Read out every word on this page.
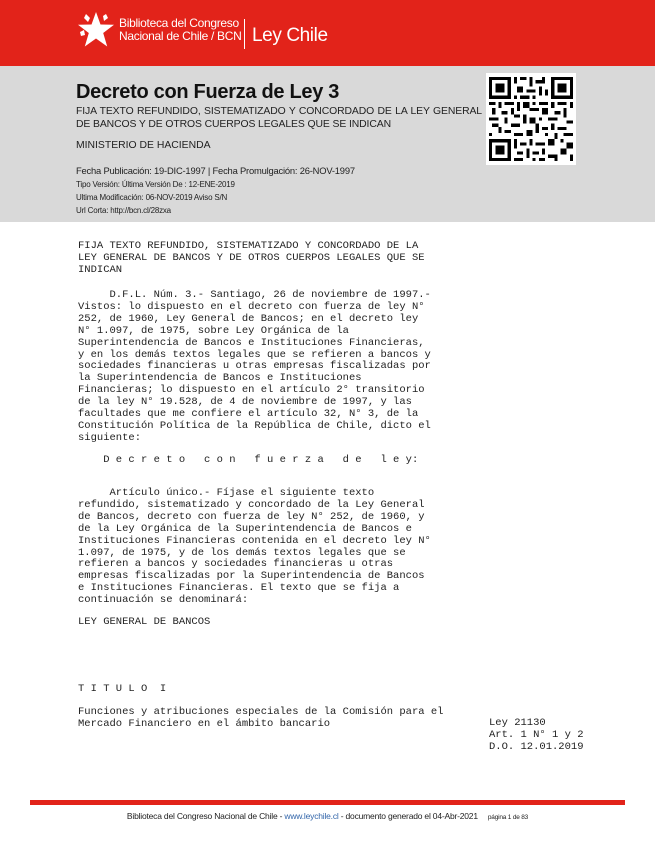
Biblioteca del Congreso
Nacional de Chile / BCN Ley Chile
Decreto con Fuerza de Ley 3
FIJA TEXTO REFUNDIDO, SISTEMATIZADO Y CONCORDADO DE LA LEY GENERAL DE BANCOS Y DE OTROS CUERPOS LEGALES QUE SE INDICAN
MINISTERIO DE HACIENDA
Fecha Publicación: 19-DIC-1997 | Fecha Promulgación: 26-NOV-1997
Tipo Versión: Última Versión De : 12-ENE-2019
Ultima Modificación: 06-NOV-2019 Aviso S/N
Url Corta: http://bcn.cl/28zxa
FIJA TEXTO REFUNDIDO, SISTEMATIZADO Y CONCORDADO DE LA
LEY GENERAL DE BANCOS Y DE OTROS CUERPOS LEGALES QUE SE
INDICAN
D.F.L. Núm. 3.- Santiago, 26 de noviembre de 1997.-
Vistos: lo dispuesto en el decreto con fuerza de ley N°
252, de 1960, Ley General de Bancos; en el decreto ley
N° 1.097, de 1975, sobre Ley Orgánica de la
Superintendencia de Bancos e Instituciones Financieras,
y en los demás textos legales que se refieren a bancos y
sociedades financieras u otras empresas fiscalizadas por
la Superintendencia de Bancos e Instituciones
Financieras; lo dispuesto en el artículo 2° transitorio
de la ley N° 19.528, de 4 de noviembre de 1997, y las
facultades que me confiere el artículo 32, N° 3, de la
Constitución Política de la República de Chile, dicto el
siguiente:
D e c r e t o   c o n   f u e r z a   d e   l e y:
Artículo único.- Fíjase el siguiente texto
refundido, sistematizado y concordado de la Ley General
de Bancos, decreto con fuerza de ley N° 252, de 1960, y
de la Ley Orgánica de la Superintendencia de Bancos e
Instituciones Financieras contenida en el decreto ley N°
1.097, de 1975, y de los demás textos legales que se
refieren a bancos y sociedades financieras u otras
empresas fiscalizadas por la Superintendencia de Bancos
e Instituciones Financieras. El texto que se fija a
continuación se denominará:
LEY GENERAL DE BANCOS
T I T U L O  I
Funciones y atribuciones especiales de la Comisión para el
Mercado Financiero en el ámbito bancario	Ley 21130
Art. 1 N° 1 y 2
D.O. 12.01.2019
Biblioteca del Congreso Nacional de Chile - www.leychile.cl - documento generado el 04-Abr-2021 página 1 de 83
